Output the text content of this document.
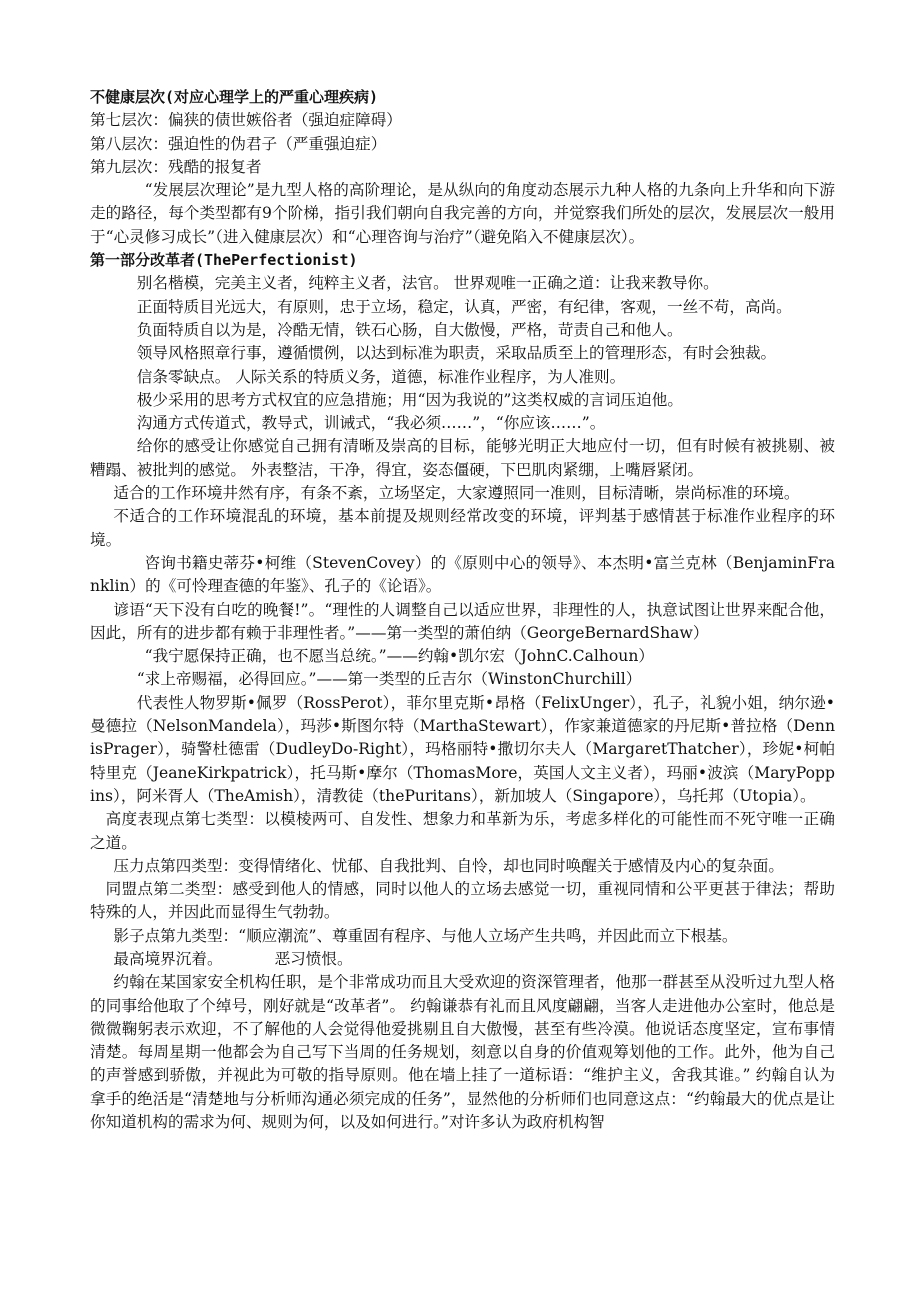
不健康层次(对应心理学上的严重心理疾病)

第七层次：偏狭的债世嫉俗者（强迫症障碍）

第八层次：强迫性的伪君子（严重强迫症）

第九层次：残酷的报复者

“发展层次理论”是九型人格的高阶理论，是从纵向的角度动态展示九种人格的九条向上升华和向下游走的路径，每个类型都有9个阶梯，指引我们朝向自我完善的方向，并觉察我们所处的层次，发展层次一般用于“心灵修习成长”（进入健康层次）和“心理咨询与治疗”（避免陷入不健康层次）。

第一部分改革者(ThePerfectionist)

别名楷模，完美主义者，纯粹主义者，法官。 世界观唯一正确之道：让我来教导你。

正面特质目光远大，有原则，忠于立场，稳定，认真，严密，有纪律，客观，一丝不苟，高尚。

负面特质自以为是，冷酷无情，铁石心肠，自大傲慢，严格，苛责自己和他人。

领导风格照章行事，遵循惯例，以达到标准为职责，采取品质至上的管理形态，有时会独裁。

信条零缺点。 人际关系的特质义务，道德，标准作业程序，为人准则。

极少采用的思考方式权宜的应急措施；用“因为我说的”这类权威的言词压迫他。

沟通方式传道式，教导式，训诫式，“我必须……”，“你应该……”。

给你的感受让你感觉自己拥有清晰及崇高的目标，能够光明正大地应付一切，但有时候有被挑剔、被糟蹋、被批判的感觉。 外表整洁，干净，得宜，姿态僵硬，下巴肌肉紧绷，上嘴唇紧闭。

适合的工作环境井然有序，有条不紊，立场坚定，大家遵照同一准则，目标清晰，崇尚标准的环境。

不适合的工作环境混乱的环境，基本前提及规则经常改变的环境，评判基于感情甚于标准作业程序的环境。

咨询书籍史蒂芬•柯维（StevenCovey）的《原则中心的领导》、本杰明•富兰克林（BenjaminFranklin）的《可怜理查德的年鉴》、孔子的《论语》。

谚语“天下没有白吃的晚餐!”。“理性的人调整自己以适应世界，非理性的人，执意试图让世界来配合他，因此，所有的进步都有赖于非理性者。”——第一类型的萧伯纳（GeorgeBernardShaw）

“我宁愿保持正确，也不愿当总统。”——约翰•凯尔宏（JohnC.Calhoun）

“求上帝赐福，必得回应。”——第一类型的丘吉尔（WinstonChurchill）

代表性人物罗斯•佩罗（RossPerot），菲尔里克斯•昂格（FelixUnger），孔子，礼貌小姐，纳尔逊•曼德拉（NelsonMandela），玛莎•斯图尔特（MarthaStewart），作家兼道德家的丹尼斯•普拉格（DennisPrager），骑警杜德雷（DudleyDo-Right），玛格丽特•撒切尔夫人（MargaretThatcher），珍妮•柯帕特里克（JeaneKirkpatrick），托马斯•摩尔（ThomasMore，英国人文主义者），玛丽•波滨（MaryPoppins），阿米胥人（TheAmish），清教徒（thePuritans），新加坡人（Singapore），乌托邦（Utopia）。

高度表现点第七类型：以模棱两可、自发性、想象力和革新为乐，考虑多样化的可能性而不死守唯一正确之道。

压力点第四类型：变得情绪化、忧郁、自我批判、自怜，却也同时唤醒关于感情及内心的复杂面。

同盟点第二类型：感受到他人的情感，同时以他人的立场去感觉一切，重视同情和公平更甚于律法；帮助特殊的人，并因此而显得生气勃勃。

影子点第九类型：“顺应潮流”、尊重固有程序、与他人立场产生共鸣，并因此而立下根基。

最高境界沉着。	恶习愤恨。

约翰在某国家安全机构任职，是个非常成功而且大受欢迎的资深管理者，他那一群甚至从没听过九型人格的同事给他取了个绰号，刚好就是“改革者”。 约翰谦恭有礼而且风度翩翩，当客人走进他办公室时，他总是微微鞠躬表示欢迎，不了解他的人会觉得他爱挑剔且自大傲慢，甚至有些冷漠。他说话态度坚定，宣布事情清楚。每周星期一他都会为自己写下当周的任务规划，刻意以自身的价值观筹划他的工作。此外，他为自己的声誉感到骄傲，并视此为可敬的指导原则。他在墙上挂了一道标语：“维护主义，舍我其谁。” 约翰自认为拿手的绝活是“清楚地与分析师沟通必须完成的任务”，显然他的分析师们也同意这点：“约翰最大的优点是让你知道机构的需求为何、规则为何，以及如何进行。”对许多认为政府机构智
